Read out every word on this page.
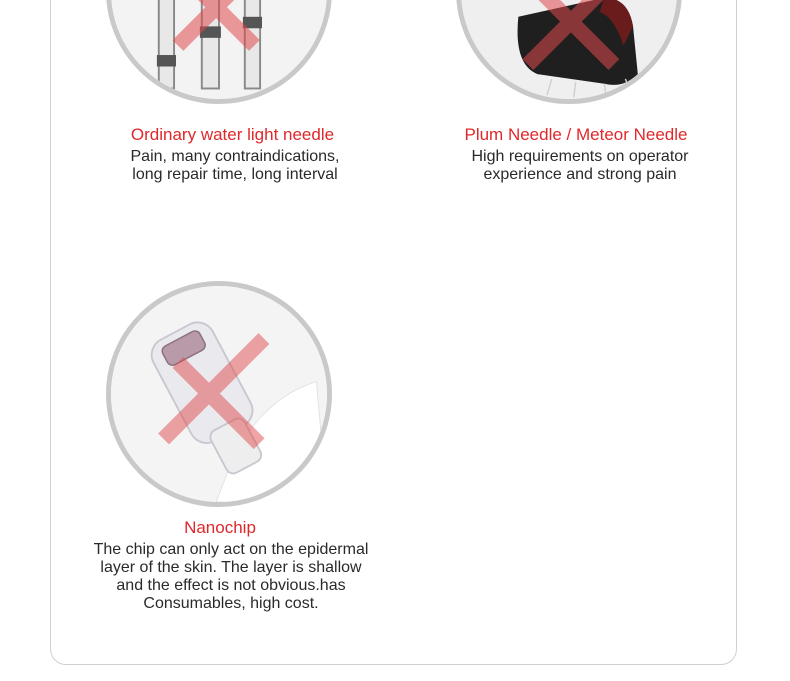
Ordinary water light needle
Pain, many contraindications,
long repair time, long interval
Plum Needle / Meteor Needle
High requirements on operator
experience and strong pain
Nanochip
The chip can only act on the epidermal
layer of the skin. The layer is shallow
and the effect is not obvious.has
Consumables, high cost.
